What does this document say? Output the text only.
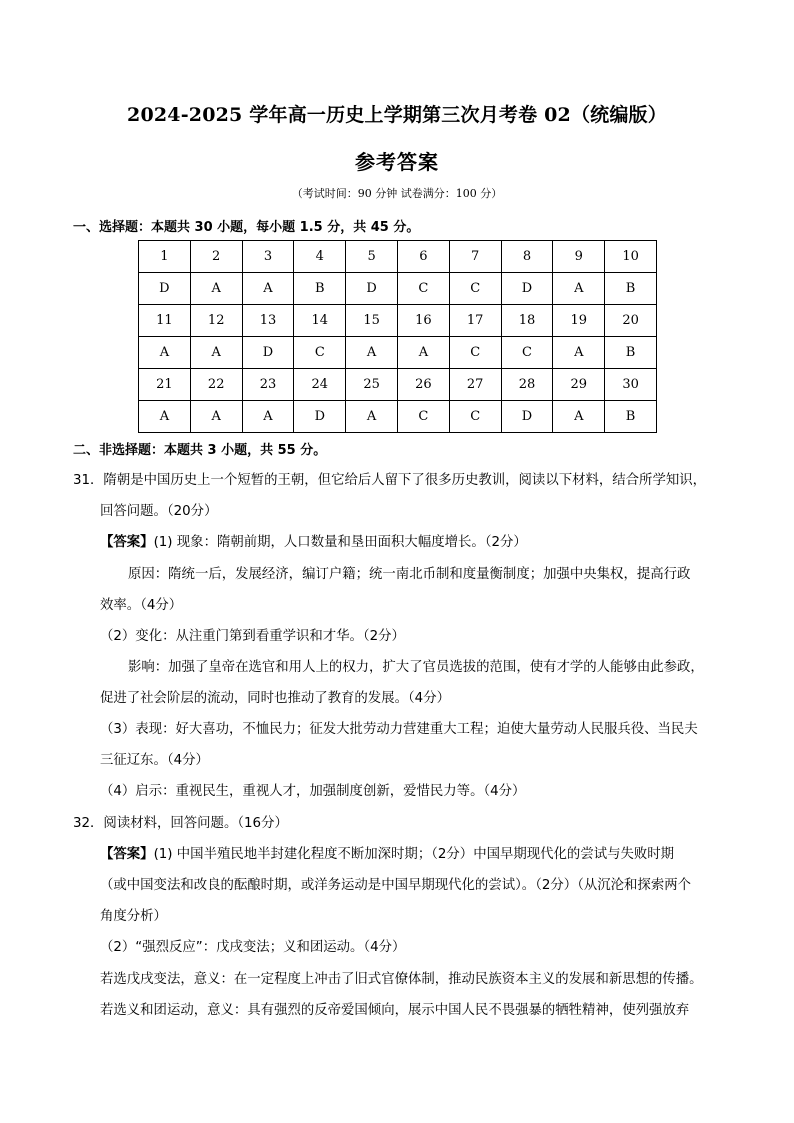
2024-2025 学年高一历史上学期第三次月考卷 02（统编版）
参考答案
（考试时间：90 分钟 试卷满分：100 分）
一、选择题：本题共 30 小题，每小题 1.5 分，共 45 分。
1	2	3	4	5	6	7	8	9	10
D	A	A	B	D	C	C	D	A	B
11	12	13	14	15	16	17	18	19	20
A	A	D	C	A	A	C	C	A	B
21	22	23	24	25	26	27	28	29	30
A	A	A	D	A	C	C	D	A	B
二、非选择题：本题共 3 小题，共 55 分。
31．隋朝是中国历史上一个短暂的王朝，但它给后人留下了很多历史教训，阅读以下材料，结合所学知识，
回答问题。（20分）
【答案】(1) 现象：隋朝前期，人口数量和垦田面积大幅度增长。（2分）
原因：隋统一后，发展经济，编订户籍；统一南北币制和度量衡制度；加强中央集权，提高行政
效率。（4分）
（2）变化：从注重门第到看重学识和才华。（2分）
影响：加强了皇帝在选官和用人上的权力，扩大了官员选拔的范围，使有才学的人能够由此参政，
促进了社会阶层的流动，同时也推动了教育的发展。（4分）
（3）表现：好大喜功，不恤民力；征发大批劳动力营建重大工程；迫使大量劳动人民服兵役、当民夫
三征辽东。（4分）
（4）启示：重视民生，重视人才，加强制度创新，爱惜民力等。（4分）
32．阅读材料，回答问题。（16分）
【答案】(1) 中国半殖民地半封建化程度不断加深时期；（2分）中国早期现代化的尝试与失败时期
（或中国变法和改良的酝酿时期，或洋务运动是中国早期现代化的尝试）。（2分）（从沉沦和探索两个
角度分析）
（2）“强烈反应”：戊戌变法；义和团运动。（4分）
若选戊戌变法，意义：在一定程度上冲击了旧式官僚体制，推动民族资本主义的发展和新思想的传播。
若选义和团运动，意义：具有强烈的反帝爱国倾向，展示中国人民不畏强暴的牺牲精神，使列强放弃
